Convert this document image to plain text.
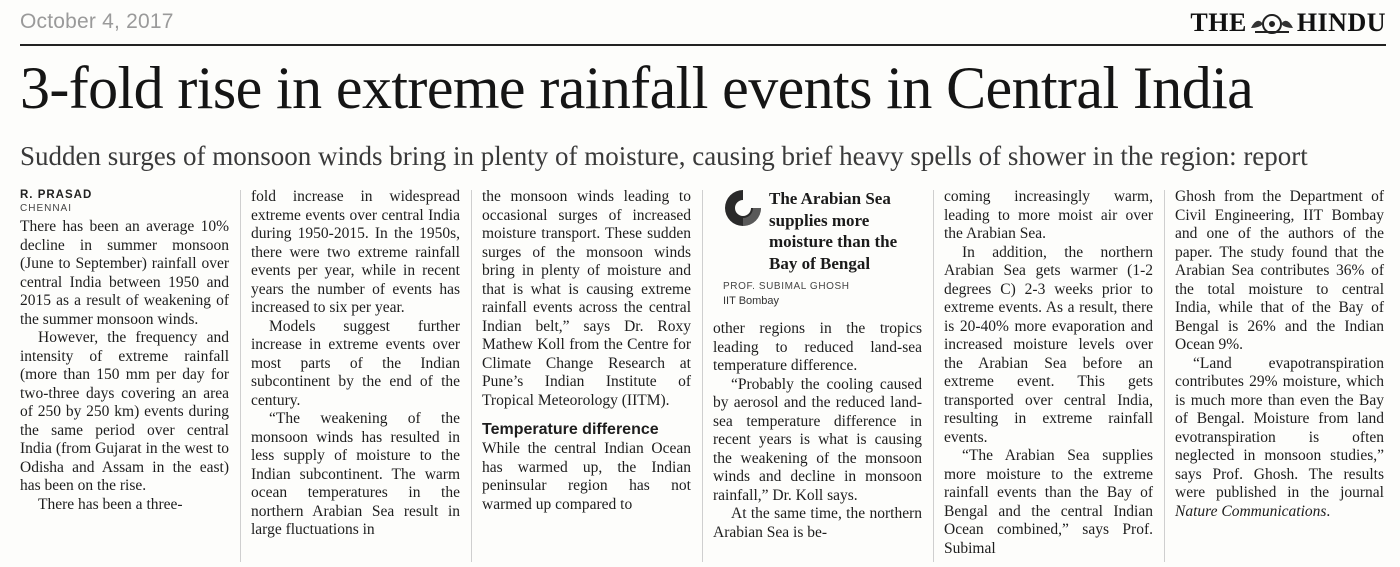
October 4, 2017	THE HINDU
3-fold rise in extreme rainfall events in Central India
Sudden surges of monsoon winds bring in plenty of moisture, causing brief heavy spells of shower in the region: report
R. PRASAD
CHENNAI

There has been an average 10% decline in summer monsoon (June to September) rainfall over central India between 1950 and 2015 as a result of weakening of the summer monsoon winds.

However, the frequency and intensity of extreme rainfall (more than 150 mm per day for two-three days covering an area of 250 by 250 km) events during the same period over central India (from Gujarat in the west to Odisha and Assam in the east) has been on the rise.

There has been a three-

fold increase in widespread extreme events over central India during 1950-2015. In the 1950s, there were two extreme rainfall events per year, while in recent years the number of events has increased to six per year.

Models suggest further increase in extreme events over most parts of the Indian subcontinent by the end of the century.

“The weakening of the monsoon winds has resulted in less supply of moisture to the Indian subcontinent. The warm ocean temperatures in the northern Arabian Sea result in large fluctuations in

the monsoon winds leading to occasional surges of increased moisture transport. These sudden surges of the monsoon winds bring in plenty of moisture and that is what is causing extreme rainfall events across the central Indian belt,” says Dr. Roxy Mathew Koll from the Centre for Climate Change Research at Pune’s Indian Institute of Tropical Meteorology (IITM).

Temperature difference

While the central Indian Ocean has warmed up, the Indian peninsular region has not warmed up compared to

The Arabian Sea supplies more moisture than the Bay of Bengal
PROF. SUBIMAL GHOSH
IIT Bombay

other regions in the tropics leading to reduced land-sea temperature difference.

“Probably the cooling caused by aerosol and the reduced land-sea temperature difference in recent years is what is causing the weakening of the monsoon winds and decline in monsoon rainfall,” Dr. Koll says.

At the same time, the northern Arabian Sea is be-

coming increasingly warm, leading to more moist air over the Arabian Sea.

In addition, the northern Arabian Sea gets warmer (1-2 degrees C) 2-3 weeks prior to extreme events. As a result, there is 20-40% more evaporation and increased moisture levels over the Arabian Sea before an extreme event. This gets transported over central India, resulting in extreme rainfall events.

“The Arabian Sea supplies more moisture to the extreme rainfall events than the Bay of Bengal and the central Indian Ocean combined,” says Prof. Subimal

Ghosh from the Department of Civil Engineering, IIT Bombay and one of the authors of the paper. The study found that the Arabian Sea contributes 36% of the total moisture to central India, while that of the Bay of Bengal is 26% and the Indian Ocean 9%.

“Land evapotranspiration contributes 29% moisture, which is much more than even the Bay of Bengal. Moisture from land evotranspiration is often neglected in monsoon studies,” says Prof. Ghosh. The results were published in the journal Nature Communications.
